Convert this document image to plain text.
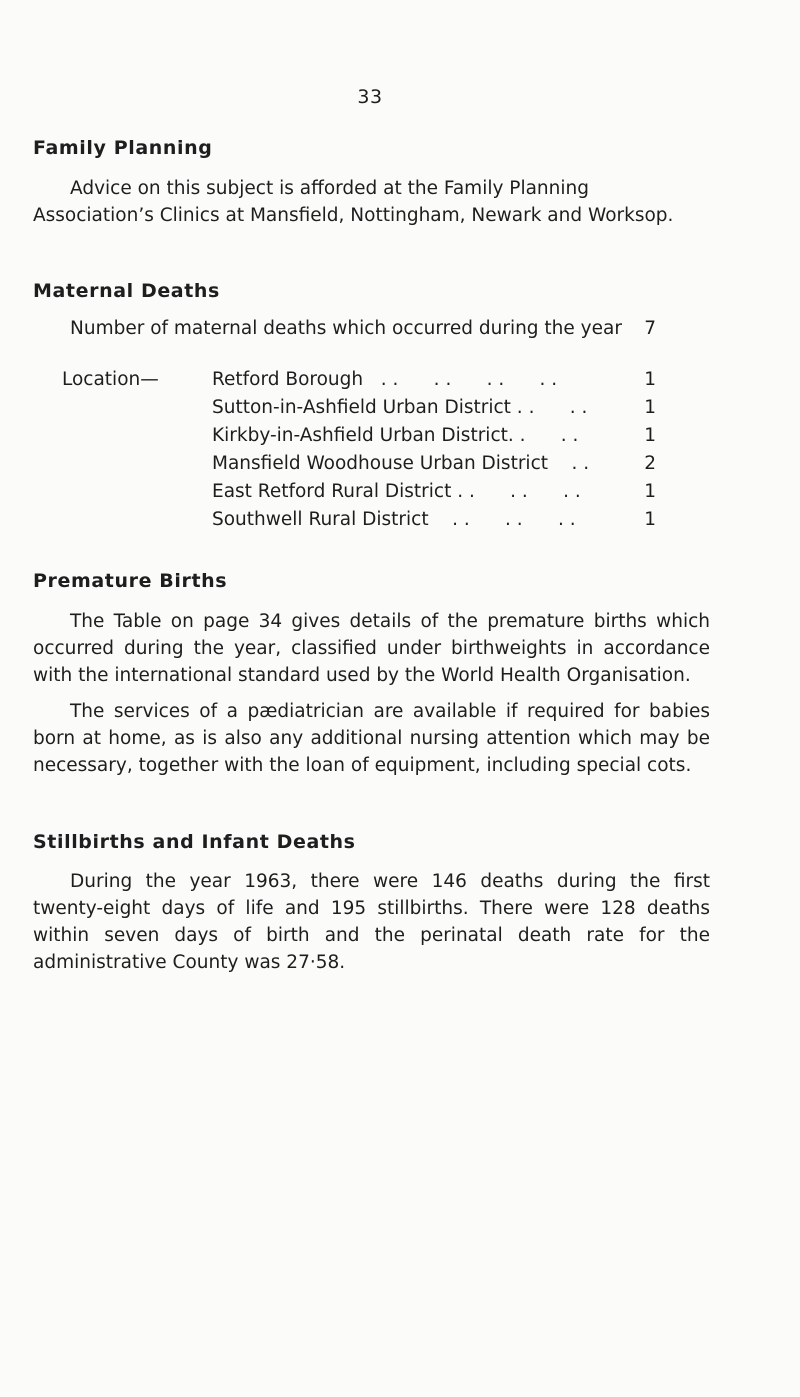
33
Family Planning

Advice on this subject is afforded at the Family Planning Association’s Clinics at Mansfield, Nottingham, Newark and Worksop.

Maternal Deaths
Number of maternal deaths which occurred during the year 7
Location—	Retford Borough   . .      . .      . .      . .	1
Sutton-in-Ashfield Urban District . .      . .	1
Kirkby-in-Ashfield Urban District. .      . .	1
Mansfield Woodhouse Urban District    . .	2
East Retford Rural District . .      . .      . .	1
Southwell Rural District    . .      . .      . .	1
Premature Births

The Table on page 34 gives details of the premature births which occurred during the year, classified under birthweights in accordance with the international standard used by the World Health Organisation.

The services of a pædiatrician are available if required for babies born at home, as is also any additional nursing attention which may be necessary, together with the loan of equipment, including special cots.

Stillbirths and Infant Deaths

During the year 1963, there were 146 deaths during the first twenty-eight days of life and 195 stillbirths. There were 128 deaths within seven days of birth and the perinatal death rate for the administrative County was 27·58.
